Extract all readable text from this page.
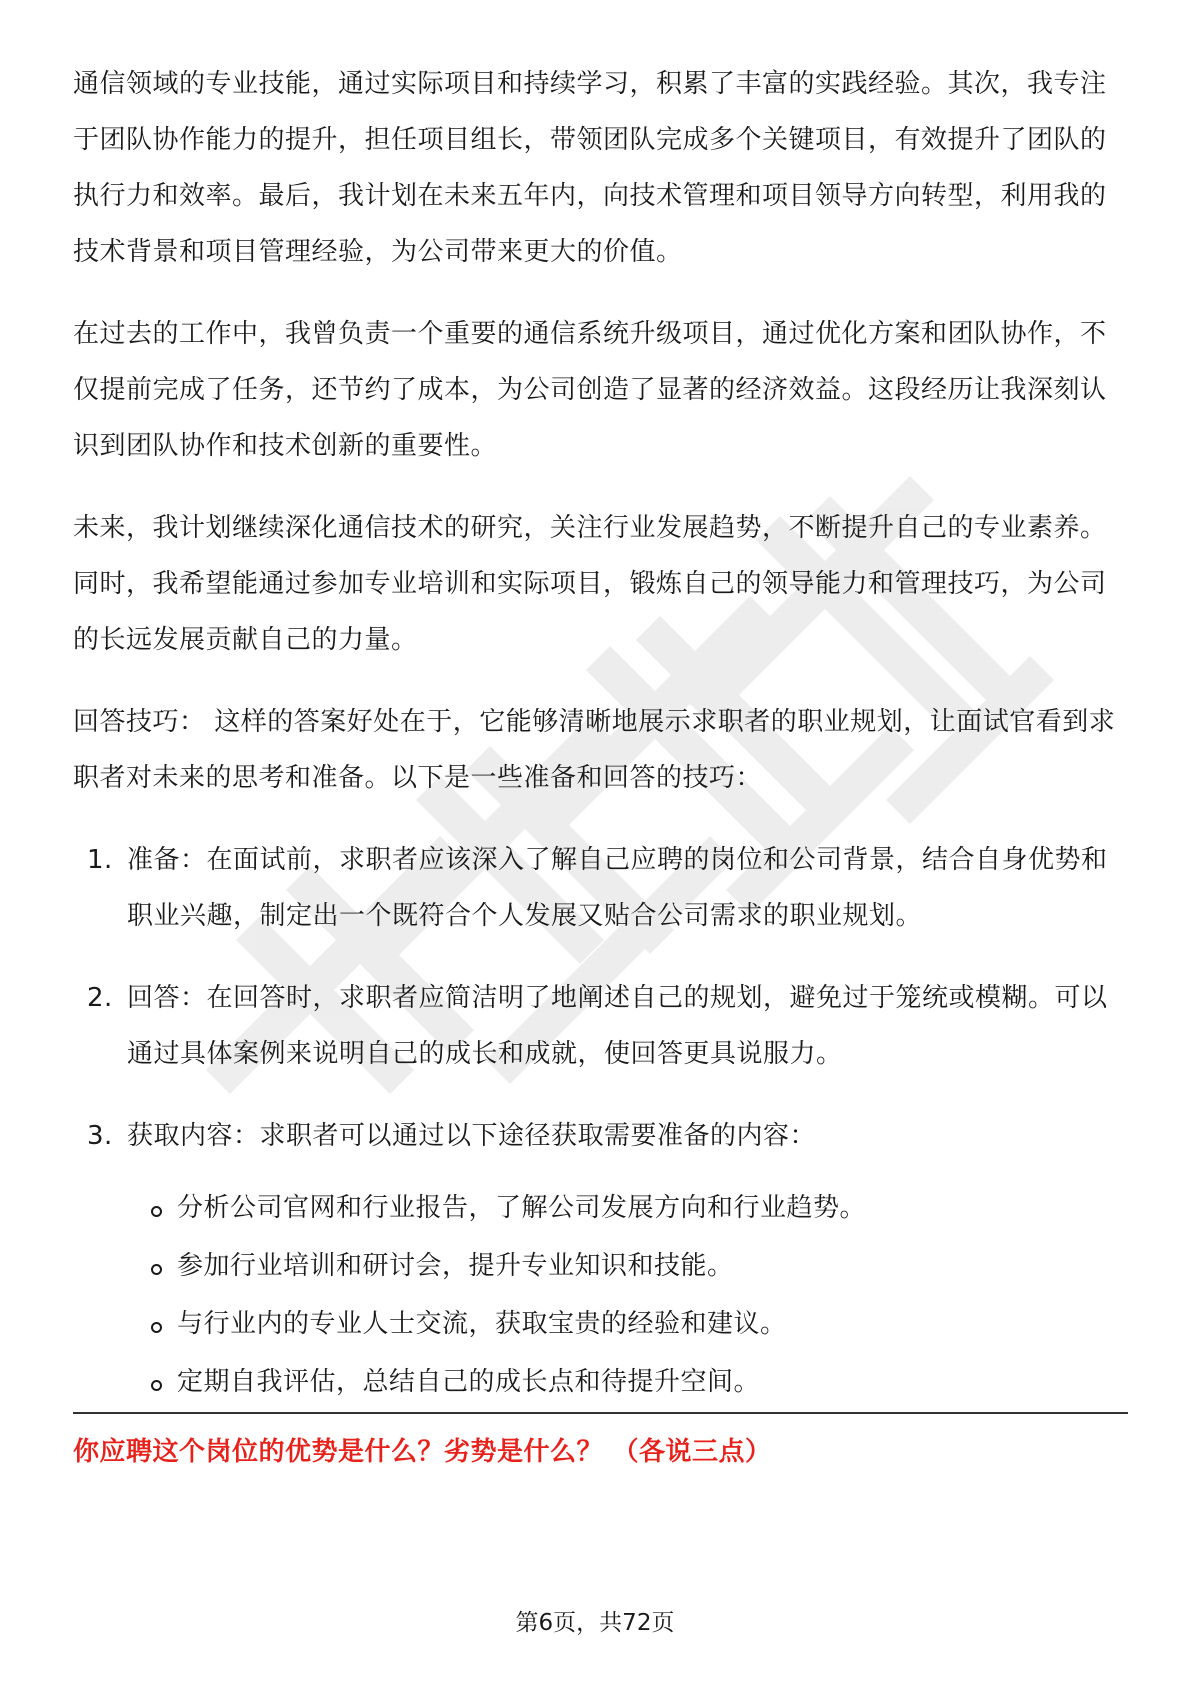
通信领域的专业技能，通过实际项目和持续学习，积累了丰富的实践经验。其次，我专注于团队协作能力的提升，担任项目组长，带领团队完成多个关键项目，有效提升了团队的执行力和效率。最后，我计划在未来五年内，向技术管理和项目领导方向转型，利用我的技术背景和项目管理经验，为公司带来更大的价值。

在过去的工作中，我曾负责一个重要的通信系统升级项目，通过优化方案和团队协作，不仅提前完成了任务，还节约了成本，为公司创造了显著的经济效益。这段经历让我深刻认识到团队协作和技术创新的重要性。

未来，我计划继续深化通信技术的研究，关注行业发展趋势，不断提升自己的专业素养。同时，我希望能通过参加专业培训和实际项目，锻炼自己的领导能力和管理技巧，为公司的长远发展贡献自己的力量。

回答技巧： 这样的答案好处在于，它能够清晰地展示求职者的职业规划，让面试官看到求职者对未来的思考和准备。以下是一些准备和回答的技巧：

1. 准备：在面试前，求职者应该深入了解自己应聘的岗位和公司背景，结合自身优势和职业兴趣，制定出一个既符合个人发展又贴合公司需求的职业规划。
2. 回答：在回答时，求职者应简洁明了地阐述自己的规划，避免过于笼统或模糊。可以通过具体案例来说明自己的成长和成就，使回答更具说服力。
3. 获取内容：求职者可以通过以下途径获取需要准备的内容：
分析公司官网和行业报告，了解公司发展方向和行业趋势。
参加行业培训和研讨会，提升专业知识和技能。
与行业内的专业人士交流，获取宝贵的经验和建议。
定期自我评估，总结自己的成长点和待提升空间。
你应聘这个岗位的优势是什么？劣势是什么？ （各说三点）
第6页，共72页
